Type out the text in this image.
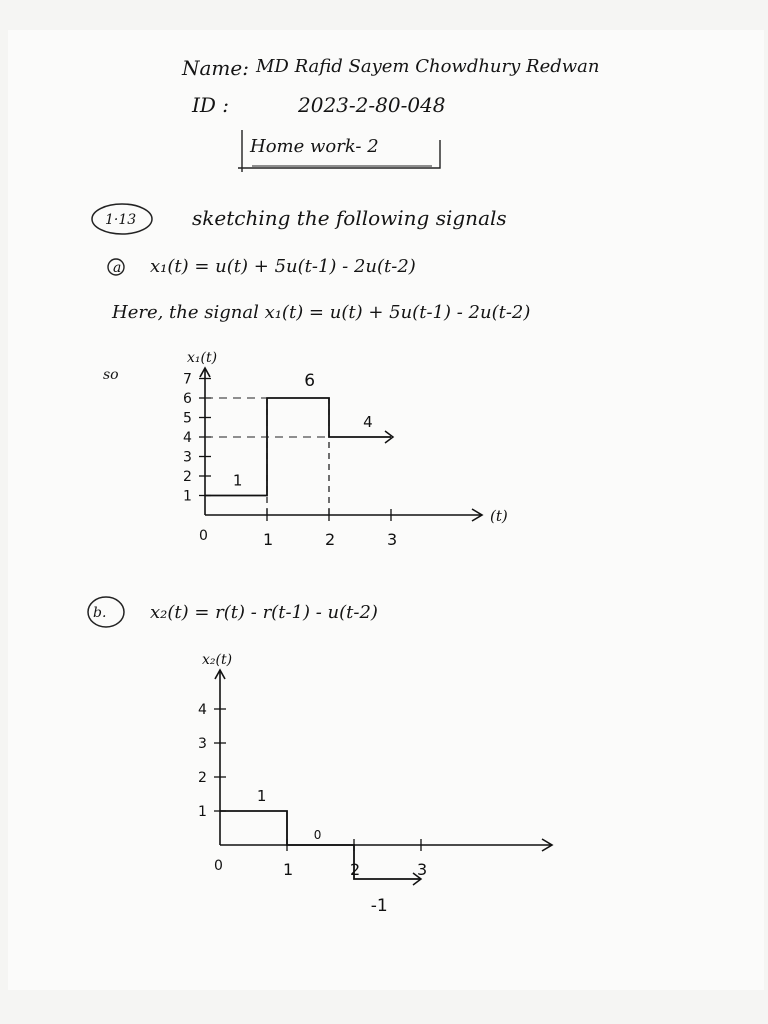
Name: MD Rafid Sayem Chowdhury Redwan
ID :	2023-2-80-048
Home work- 2
1·13	sketching the following signals
a x₁(t) = u(t) + 5u(t-1) - 2u(t-2)
Here, the signal x₁(t) = u(t) + 5u(t-1) - 2u(t-2)
so
b. x₂(t) = r(t) - r(t-1) - u(t-2)
7
6
5
4
3
2
1
1	2	3
0
x₁(t)
(t)
1
6
4
4
3
2
1
1	2	3
0
x₂(t)
1
0
-1
